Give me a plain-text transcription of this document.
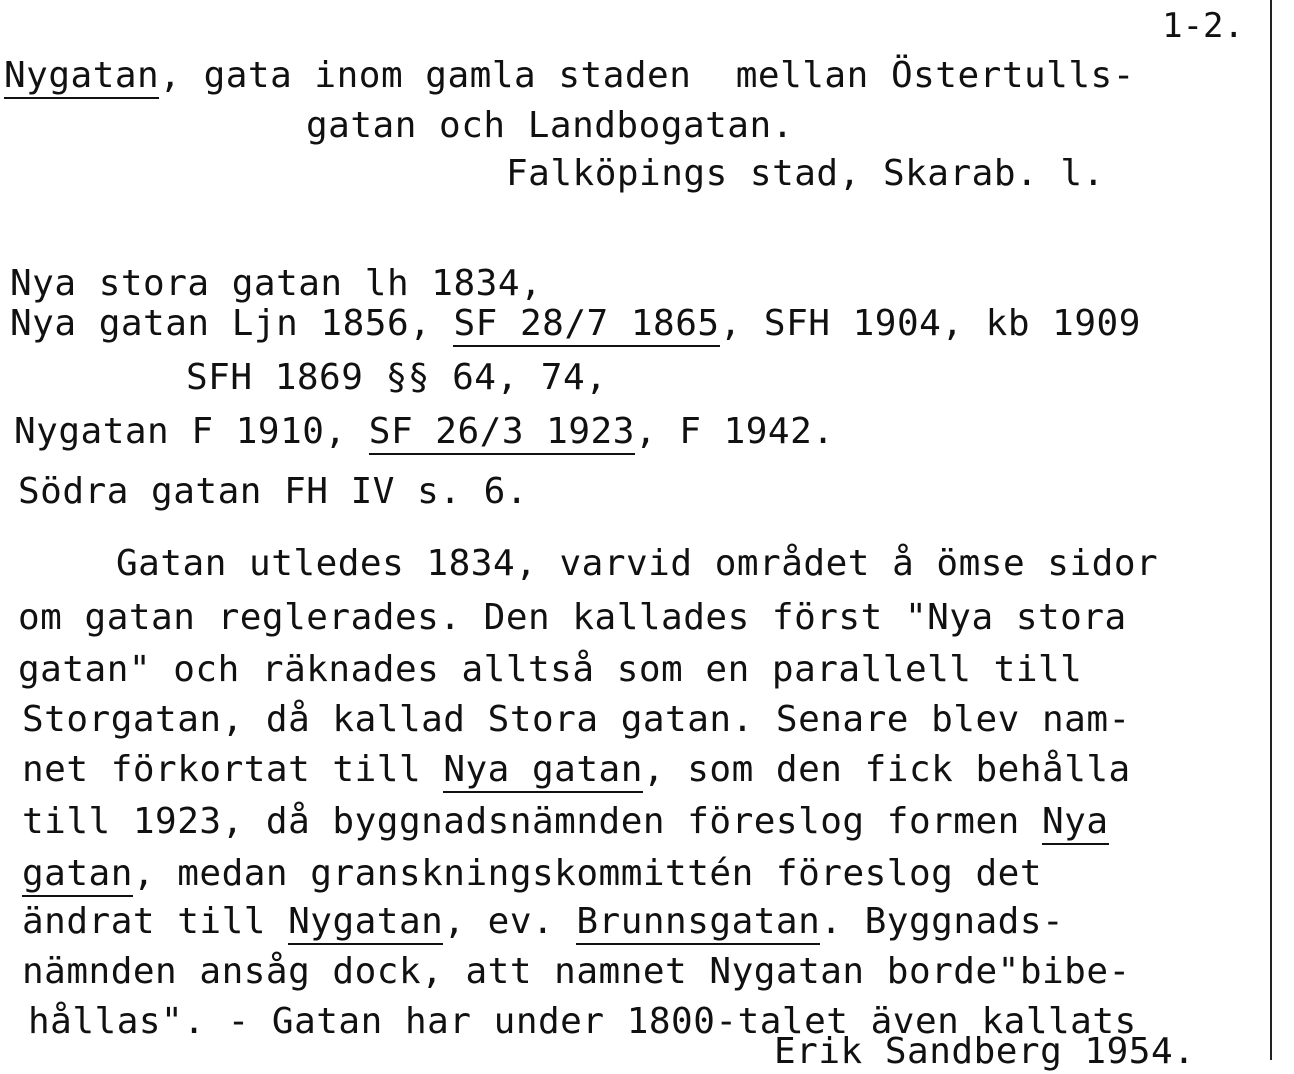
1-2.
Nygatan, gata inom gamla staden  mellan Östertulls-
gatan och Landbogatan.
Falköpings stad, Skarab. l.
Nya stora gatan lh 1834,
Nya gatan Ljn 1856, SF 28/7 1865, SFH 1904, kb 1909
SFH 1869 §§ 64, 74,
Nygatan F 1910, SF 26/3 1923, F 1942.
Södra gatan FH IV s. 6.
Gatan utledes 1834, varvid området å ömse sidor
om gatan reglerades. Den kallades först "Nya stora
gatan" och räknades alltså som en parallell till
Storgatan, då kallad Stora gatan. Senare blev nam-
net förkortat till Nya gatan, som den fick behålla
till 1923, då byggnadsnämnden föreslog formen Nya
gatan, medan granskningskommittén föreslog det
ändrat till Nygatan, ev. Brunnsgatan. Byggnads-
nämnden ansåg dock, att namnet Nygatan borde"bibe-
hållas". - Gatan har under 1800-talet även kallats
Erik Sandberg 1954.
